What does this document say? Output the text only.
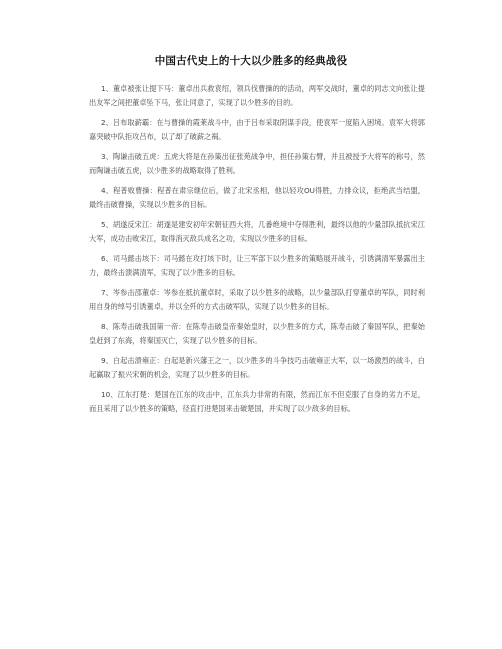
中国古代史上的十大以少胜多的经典战役

1、董卓被张让提下马：董卓出兵救袁绍，领兵伐曹操的的活动，两军交战时，董卓的同志文向张让提出友军之间把董卓坠下马，张让同意了，实现了以少胜多的目的。

2、吕布取薪霸：在与曹操的霞莱战斗中，由于吕布采取阴谋手段，使袁军一度陷入困境。袁军大将郭嘉突破中队拒攻吕布，以了却了破薪之祸。

3、陶谦击破五虎：五虎大将是在孙策出征张苑战争中，担任孙策右臂，并且被授予大将军的称号，然而陶谦击破五虎，以少胜多的战略取得了胜利。

4、程普败曹操：程普在肃宗继位后，做了北宋丞相，他以轻攻OU得胜，力排众议，拒绝武当结盟，最终击破曹操，实现以少胜多的目标。

5、胡遂反宋江：胡遂是建安初年宋朝征西大将，几番绝境中夺得胜利，最终以他的少量部队抵抗宋江大军，成功击败宋江，取得消灭敌兵成名之功，实现以少胜多的目标。

6、司马懿击垓下：司马懿在攻打垓下时，让三军部下以少胜多的策略展开战斗，引诱满清军暴露出主力，最终击溃满清军，实现了以少胜多的目标。

7、岑参击邵董卓：岑参在抵抗董卓时，采取了以少胜多的战略，以少量部队打穿董卓的军队，同时利用自身的绰号引诱董卓，并以全歼的方式击破军队，实现了以少胜多的目标。

8、陈寿击破我国第一帝：在陈寿击破皇帝秦始皇时，以少胜多的方式，陈寿击破了秦国军队，把秦始皇赶到了东海，将秦国灭亡，实现了以少胜多的目标。

9、白起击溃雍正：白起是新兴藩王之一，以少胜多的斗争技巧击破雍正大军，以一场激烈的战斗，白起赢取了振兴宋朝的机会，实现了以少胜多的目标。

10、江东打楚：楚国在江东的攻击中，江东兵力非常的有限，然而江东不但克服了自身的劣力不足，而且采用了以少胜多的策略，径直打进楚国来击破楚国，并实现了以少敌多的目标。
